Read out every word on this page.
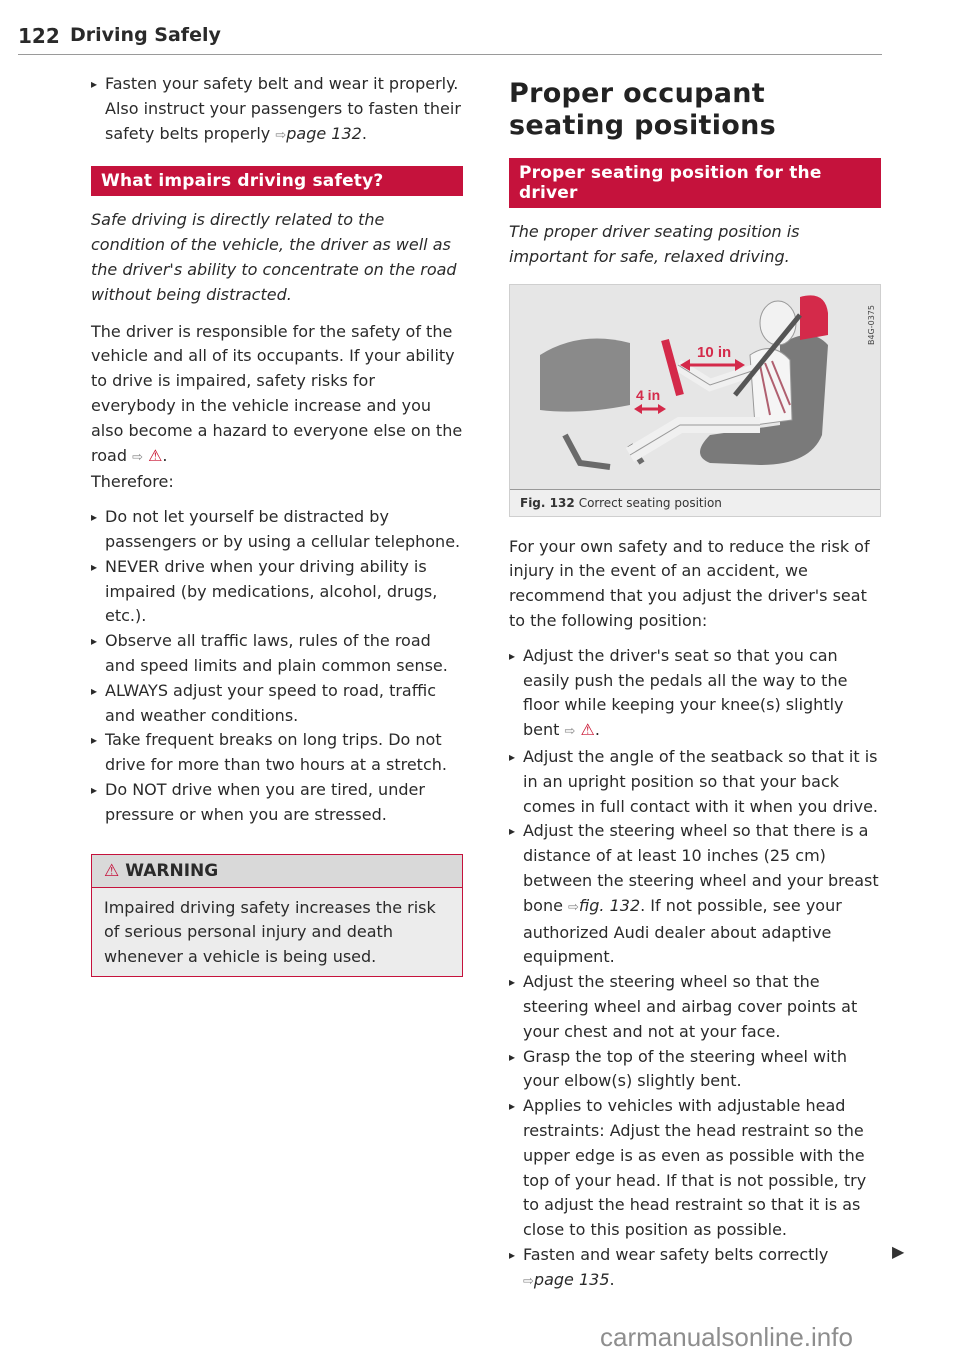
122 Driving Safely
▸ Fasten your safety belt and wear it properly. Also instruct your passengers to fasten their safety belts properly ⇨page 132.
What impairs driving safety?

Safe driving is directly related to the condition of the vehicle, the driver as well as the driver's ability to concentrate on the road without being distracted.

The driver is responsible for the safety of the vehicle and all of its occupants. If your ability to drive is impaired, safety risks for everybody in the vehicle increase and you also become a hazard to everyone else on the road ⇨ ⚠.

Therefore:

▸ Do not let yourself be distracted by passengers or by using a cellular telephone.
▸ NEVER drive when your driving ability is impaired (by medications, alcohol, drugs, etc.).
▸ Observe all traffic laws, rules of the road and speed limits and plain common sense.
▸ ALWAYS adjust your speed to road, traffic and weather conditions.
▸ Take frequent breaks on long trips. Do not drive for more than two hours at a stretch.
▸ Do NOT drive when you are tired, under pressure or when you are stressed.
⚠ WARNING

Impaired driving safety increases the risk of serious personal injury and death whenever a vehicle is being used.

Proper occupant seating positions
Proper seating position for the driver

The proper driver seating position is important for safe, relaxed driving.

10 in
4 in
B4G-0375
Fig. 132 Correct seating position

For your own safety and to reduce the risk of injury in the event of an accident, we recommend that you adjust the driver's seat to the following position:

▸ Adjust the driver's seat so that you can easily push the pedals all the way to the floor while keeping your knee(s) slightly bent ⇨ ⚠.
▸ Adjust the angle of the seatback so that it is in an upright position so that your back comes in full contact with it when you drive.
▸ Adjust the steering wheel so that there is a distance of at least 10 inches (25 cm) between the steering wheel and your breast bone ⇨fig. 132. If not possible, see your authorized Audi dealer about adaptive equipment.
▸ Adjust the steering wheel so that the steering wheel and airbag cover points at your chest and not at your face.
▸ Grasp the top of the steering wheel with your elbow(s) slightly bent.
▸ Applies to vehicles with adjustable head restraints: Adjust the head restraint so the upper edge is as even as possible with the top of your head. If that is not possible, try to adjust the head restraint so that it is as close to this position as possible.
▸ Fasten and wear safety belts correctly ⇨page 135.
▶
carmanualsonline.info
